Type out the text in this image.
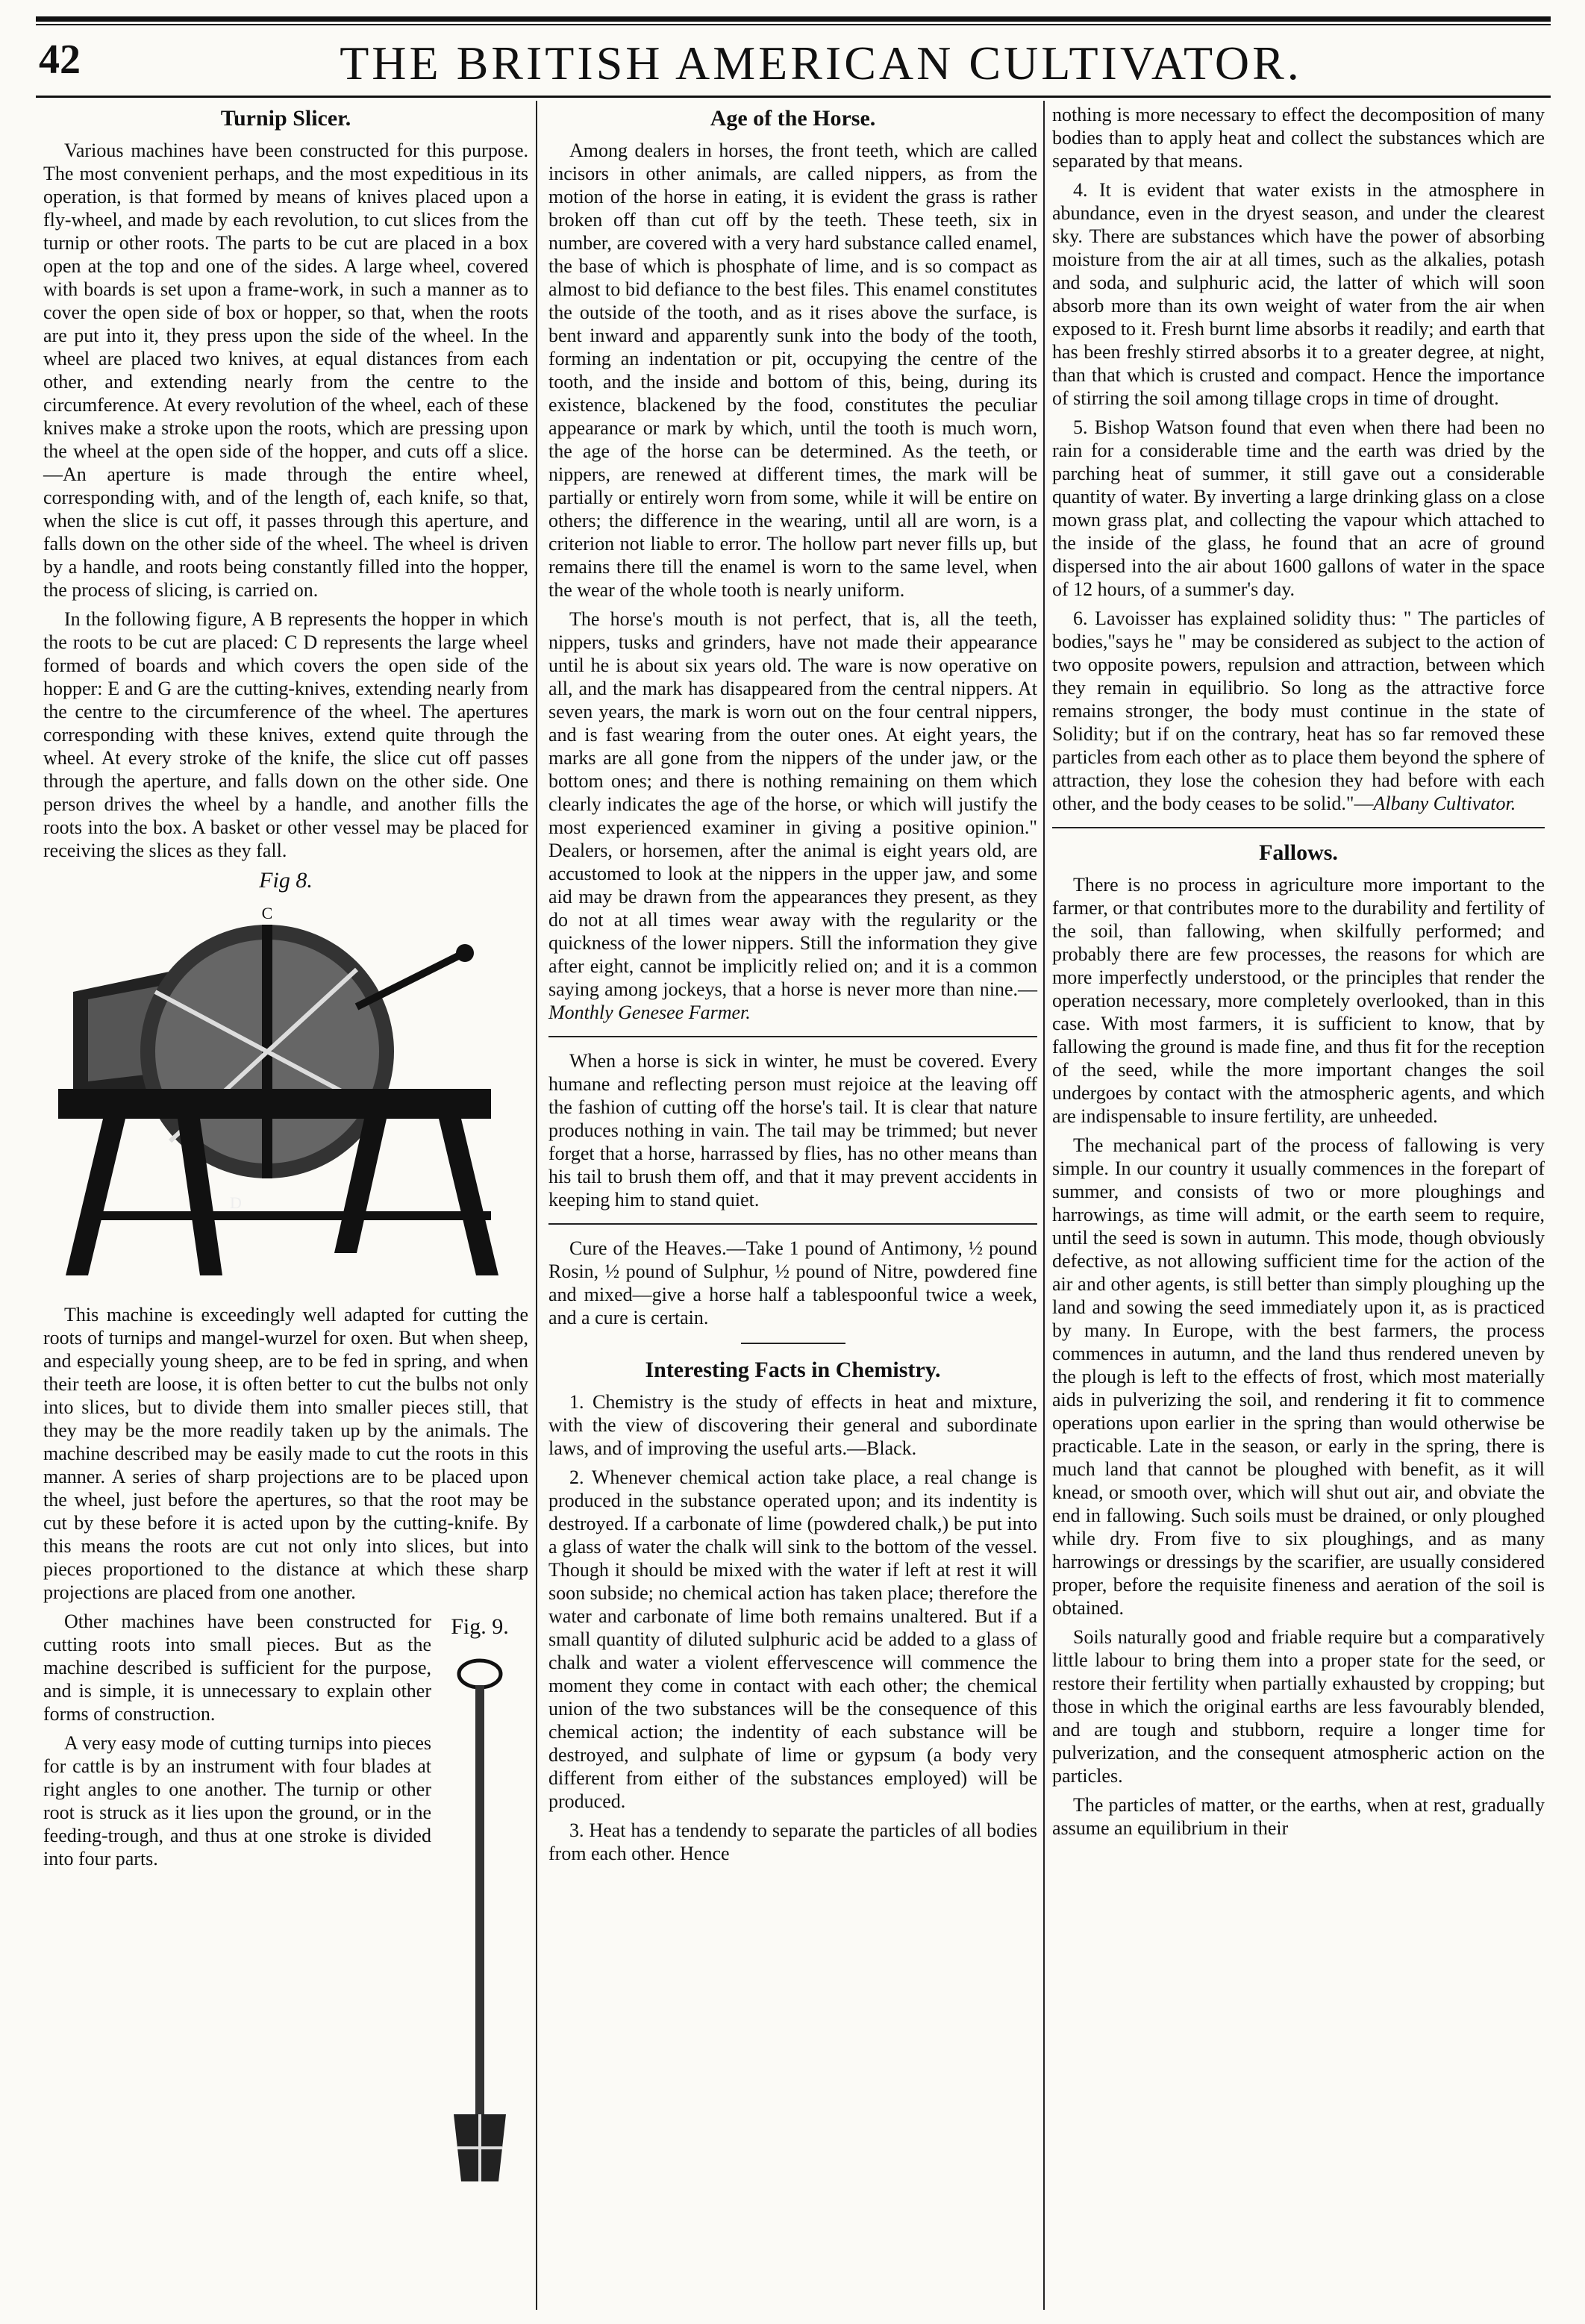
42	THE BRITISH AMERICAN CULTIVATOR.
Turnip Slicer.

Various machines have been constructed for this purpose. The most convenient perhaps, and the most expeditious in its operation, is that formed by means of knives placed upon a fly-wheel, and made by each revolution, to cut slices from the turnip or other roots. The parts to be cut are placed in a box open at the top and one of the sides. A large wheel, covered with boards is set upon a frame-work, in such a manner as to cover the open side of box or hopper, so that, when the roots are put into it, they press upon the side of the wheel. In the wheel are placed two knives, at equal distances from each other, and extending nearly from the centre to the circumference. At every revolution of the wheel, each of these knives make a stroke upon the roots, which are pressing upon the wheel at the open side of the hopper, and cuts off a slice.—An aperture is made through the entire wheel, corresponding with, and of the length of, each knife, so that, when the slice is cut off, it passes through this aperture, and falls down on the other side of the wheel. The wheel is driven by a handle, and roots being constantly filled into the hopper, the process of slicing, is carried on.

In the following figure, A B represents the hopper in which the roots to be cut are placed: C D represents the large wheel formed of boards and which covers the open side of the hopper: E and G are the cutting-knives, extending nearly from the centre to the circumference of the wheel. The apertures corresponding with these knives, extend quite through the wheel. At every stroke of the knife, the slice cut off passes through the aperture, and falls down on the other side. One person drives the wheel by a handle, and another fills the roots into the box. A basket or other vessel may be placed for receiving the slices as they fall.

Fig 8.
C
D

This machine is exceedingly well adapted for cutting the roots of turnips and mangel-wurzel for oxen. But when sheep, and especially young sheep, are to be fed in spring, and when their teeth are loose, it is often better to cut the bulbs not only into slices, but to divide them into smaller pieces still, that they may be the more readily taken up by the animals. The machine described may be easily made to cut the roots in this manner. A series of sharp projections are to be placed upon the wheel, just before the apertures, so that the root may be cut by these before it is acted upon by the cutting-knife. By this means the roots are cut not only into slices, but into pieces proportioned to the distance at which these sharp projections are placed from one another.

Other machines have been constructed for cutting roots into small pieces. But as the machine described is sufficient for the purpose, and is simple, it is unnecessary to explain other forms of construction.

A very easy mode of cutting turnips into pieces for cattle is by an instrument with four blades at right angles to one another. The turnip or other root is struck as it lies upon the ground, or in the feeding-trough, and thus at one stroke is divided into four parts.

Fig. 9.
Age of the Horse.

Among dealers in horses, the front teeth, which are called incisors in other animals, are called nippers, as from the motion of the horse in eating, it is evident the grass is rather broken off than cut off by the teeth. These teeth, six in number, are covered with a very hard substance called enamel, the base of which is phosphate of lime, and is so compact as almost to bid defiance to the best files. This enamel constitutes the outside of the tooth, and as it rises above the surface, is bent inward and apparently sunk into the body of the tooth, forming an indentation or pit, occupying the centre of the tooth, and the inside and bottom of this, being, during its existence, blackened by the food, constitutes the peculiar appearance or mark by which, until the tooth is much worn, the age of the horse can be determined. As the teeth, or nippers, are renewed at different times, the mark will be partially or entirely worn from some, while it will be entire on others; the difference in the wearing, until all are worn, is a criterion not liable to error. The hollow part never fills up, but remains there till the enamel is worn to the same level, when the wear of the whole tooth is nearly uniform.

The horse's mouth is not perfect, that is, all the teeth, nippers, tusks and grinders, have not made their appearance until he is about six years old. The ware is now operative on all, and the mark has disappeared from the central nippers. At seven years, the mark is worn out on the four central nippers, and is fast wearing from the outer ones. At eight years, the marks are all gone from the nippers of the under jaw, or the bottom ones; and there is nothing remaining on them which clearly indicates the age of the horse, or which will justify the most experienced examiner in giving a positive opinion." Dealers, or horsemen, after the animal is eight years old, are accustomed to look at the nippers in the upper jaw, and some aid may be drawn from the appearances they present, as they do not at all times wear away with the regularity or the quickness of the lower nippers. Still the information they give after eight, cannot be implicitly relied on; and it is a common saying among jockeys, that a horse is never more than nine.— Monthly Genesee Farmer.

When a horse is sick in winter, he must be covered. Every humane and reflecting person must rejoice at the leaving off the fashion of cutting off the horse's tail. It is clear that nature produces nothing in vain. The tail may be trimmed; but never forget that a horse, harrassed by flies, has no other means than his tail to brush them off, and that it may prevent accidents in keeping him to stand quiet.

Cure of the Heaves.—Take 1 pound of Antimony, ½ pound Rosin, ½ pound of Sulphur, ½ pound of Nitre, powdered fine and mixed—give a horse half a tablespoonful twice a week, and a cure is certain.

Interesting Facts in Chemistry.

1. Chemistry is the study of effects in heat and mixture, with the view of discovering their general and subordinate laws, and of improving the useful arts.—Black.

2. Whenever chemical action take place, a real change is produced in the substance operated upon; and its indentity is destroyed. If a carbonate of lime (powdered chalk,) be put into a glass of water the chalk will sink to the bottom of the vessel. Though it should be mixed with the water if left at rest it will soon subside; no chemical action has taken place; therefore the water and carbonate of lime both remains unaltered. But if a small quantity of diluted sulphuric acid be added to a glass of chalk and water a violent effervescence will commence the moment they come in contact with each other; the chemical union of the two substances will be the consequence of this chemical action; the indentity of each substance will be destroyed, and sulphate of lime or gypsum (a body very different from either of the substances employed) will be produced.

3. Heat has a tendendy to separate the particles of all bodies from each other. Hence

nothing is more necessary to effect the decomposition of many bodies than to apply heat and collect the substances which are separated by that means.

4. It is evident that water exists in the atmosphere in abundance, even in the dryest season, and under the clearest sky. There are substances which have the power of absorbing moisture from the air at all times, such as the alkalies, potash and soda, and sulphuric acid, the latter of which will soon absorb more than its own weight of water from the air when exposed to it. Fresh burnt lime absorbs it readily; and earth that has been freshly stirred absorbs it to a greater degree, at night, than that which is crusted and compact. Hence the importance of stirring the soil among tillage crops in time of drought.

5. Bishop Watson found that even when there had been no rain for a considerable time and the earth was dried by the parching heat of summer, it still gave out a considerable quantity of water. By inverting a large drinking glass on a close mown grass plat, and collecting the vapour which attached to the inside of the glass, he found that an acre of ground dispersed into the air about 1600 gallons of water in the space of 12 hours, of a summer's day.

6. Lavoisser has explained solidity thus: " The particles of bodies,"says he " may be considered as subject to the action of two opposite powers, repulsion and attraction, between which they remain in equilibrio. So long as the attractive force remains stronger, the body must continue in the state of Solidity; but if on the contrary, heat has so far removed these particles from each other as to place them beyond the sphere of attraction, they lose the cohesion they had before with each other, and the body ceases to be solid."—Albany Cultivator.

Fallows.

There is no process in agriculture more important to the farmer, or that contributes more to the durability and fertility of the soil, than fallowing, when skilfully performed; and probably there are few processes, the reasons for which are more imperfectly understood, or the principles that render the operation necessary, more completely overlooked, than in this case. With most farmers, it is sufficient to know, that by fallowing the ground is made fine, and thus fit for the reception of the seed, while the more important changes the soil undergoes by contact with the atmospheric agents, and which are indispensable to insure fertility, are unheeded.

The mechanical part of the process of fallowing is very simple. In our country it usually commences in the forepart of summer, and consists of two or more ploughings and harrowings, as time will admit, or the earth seem to require, until the seed is sown in autumn. This mode, though obviously defective, as not allowing sufficient time for the action of the air and other agents, is still better than simply ploughing up the land and sowing the seed immediately upon it, as is practiced by many. In Europe, with the best farmers, the process commences in autumn, and the land thus rendered uneven by the plough is left to the effects of frost, which most materially aids in pulverizing the soil, and rendering it fit to commence operations upon earlier in the spring than would otherwise be practicable. Late in the season, or early in the spring, there is much land that cannot be ploughed with benefit, as it will knead, or smooth over, which will shut out air, and obviate the end in fallowing. Such soils must be drained, or only ploughed while dry. From five to six ploughings, and as many harrowings or dressings by the scarifier, are usually considered proper, before the requisite fineness and aeration of the soil is obtained.

Soils naturally good and friable require but a comparatively little labour to bring them into a proper state for the seed, or restore their fertility when partially exhausted by cropping; but those in which the original earths are less favourably blended, and are tough and stubborn, require a longer time for pulverization, and the consequent atmospheric action on the particles.

The particles of matter, or the earths, when at rest, gradually assume an equilibrium in their
